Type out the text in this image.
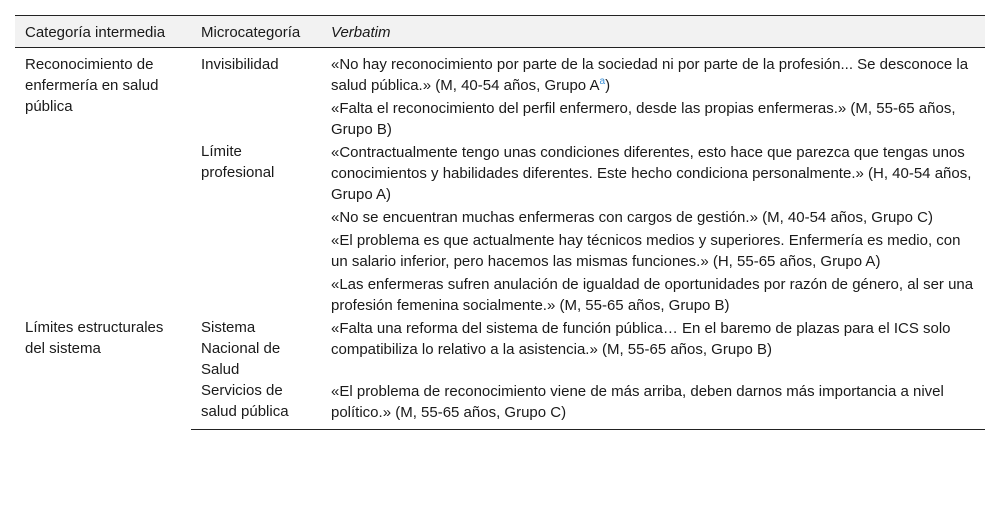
Categoría intermedia	Microcategoría	Verbatim
Reconocimiento de enfermería en salud pública	Invisibilidad	«No hay reconocimiento por parte de la sociedad ni por parte de la profesión... Se desconoce la salud pública.» (M, 40-54 años, Grupo A$^a$)
		«Falta el reconocimiento del perfil enfermero, desde las propias enfermeras.» (M, 55-65 años, Grupo B)
	Límite profesional	«Contractualmente tengo unas condiciones diferentes, esto hace que parezca que tengas unos conocimientos y habilidades diferentes. Este hecho condiciona personalmente.» (H, 40-54 años, Grupo A)
		«No se encuentran muchas enfermeras con cargos de gestión.» (M, 40-54 años, Grupo C)
		«El problema es que actualmente hay técnicos medios y superiores. Enfermería es medio, con un salario inferior, pero hacemos las mismas funciones.» (H, 55-65 años, Grupo A)
		«Las enfermeras sufren anulación de igualdad de oportunidades por razón de género, al ser una profesión femenina socialmente.» (M, 55-65 años, Grupo B)
Límites estructurales del sistema	Sistema Nacional de Salud	«Falta una reforma del sistema de función pública… En el baremo de plazas para el ICS solo compatibiliza lo relativo a la asistencia.» (M, 55-65 años, Grupo B)
	Servicios de salud pública	«El problema de reconocimiento viene de más arriba, deben darnos más importancia a nivel político.» (M, 55-65 años, Grupo C)
